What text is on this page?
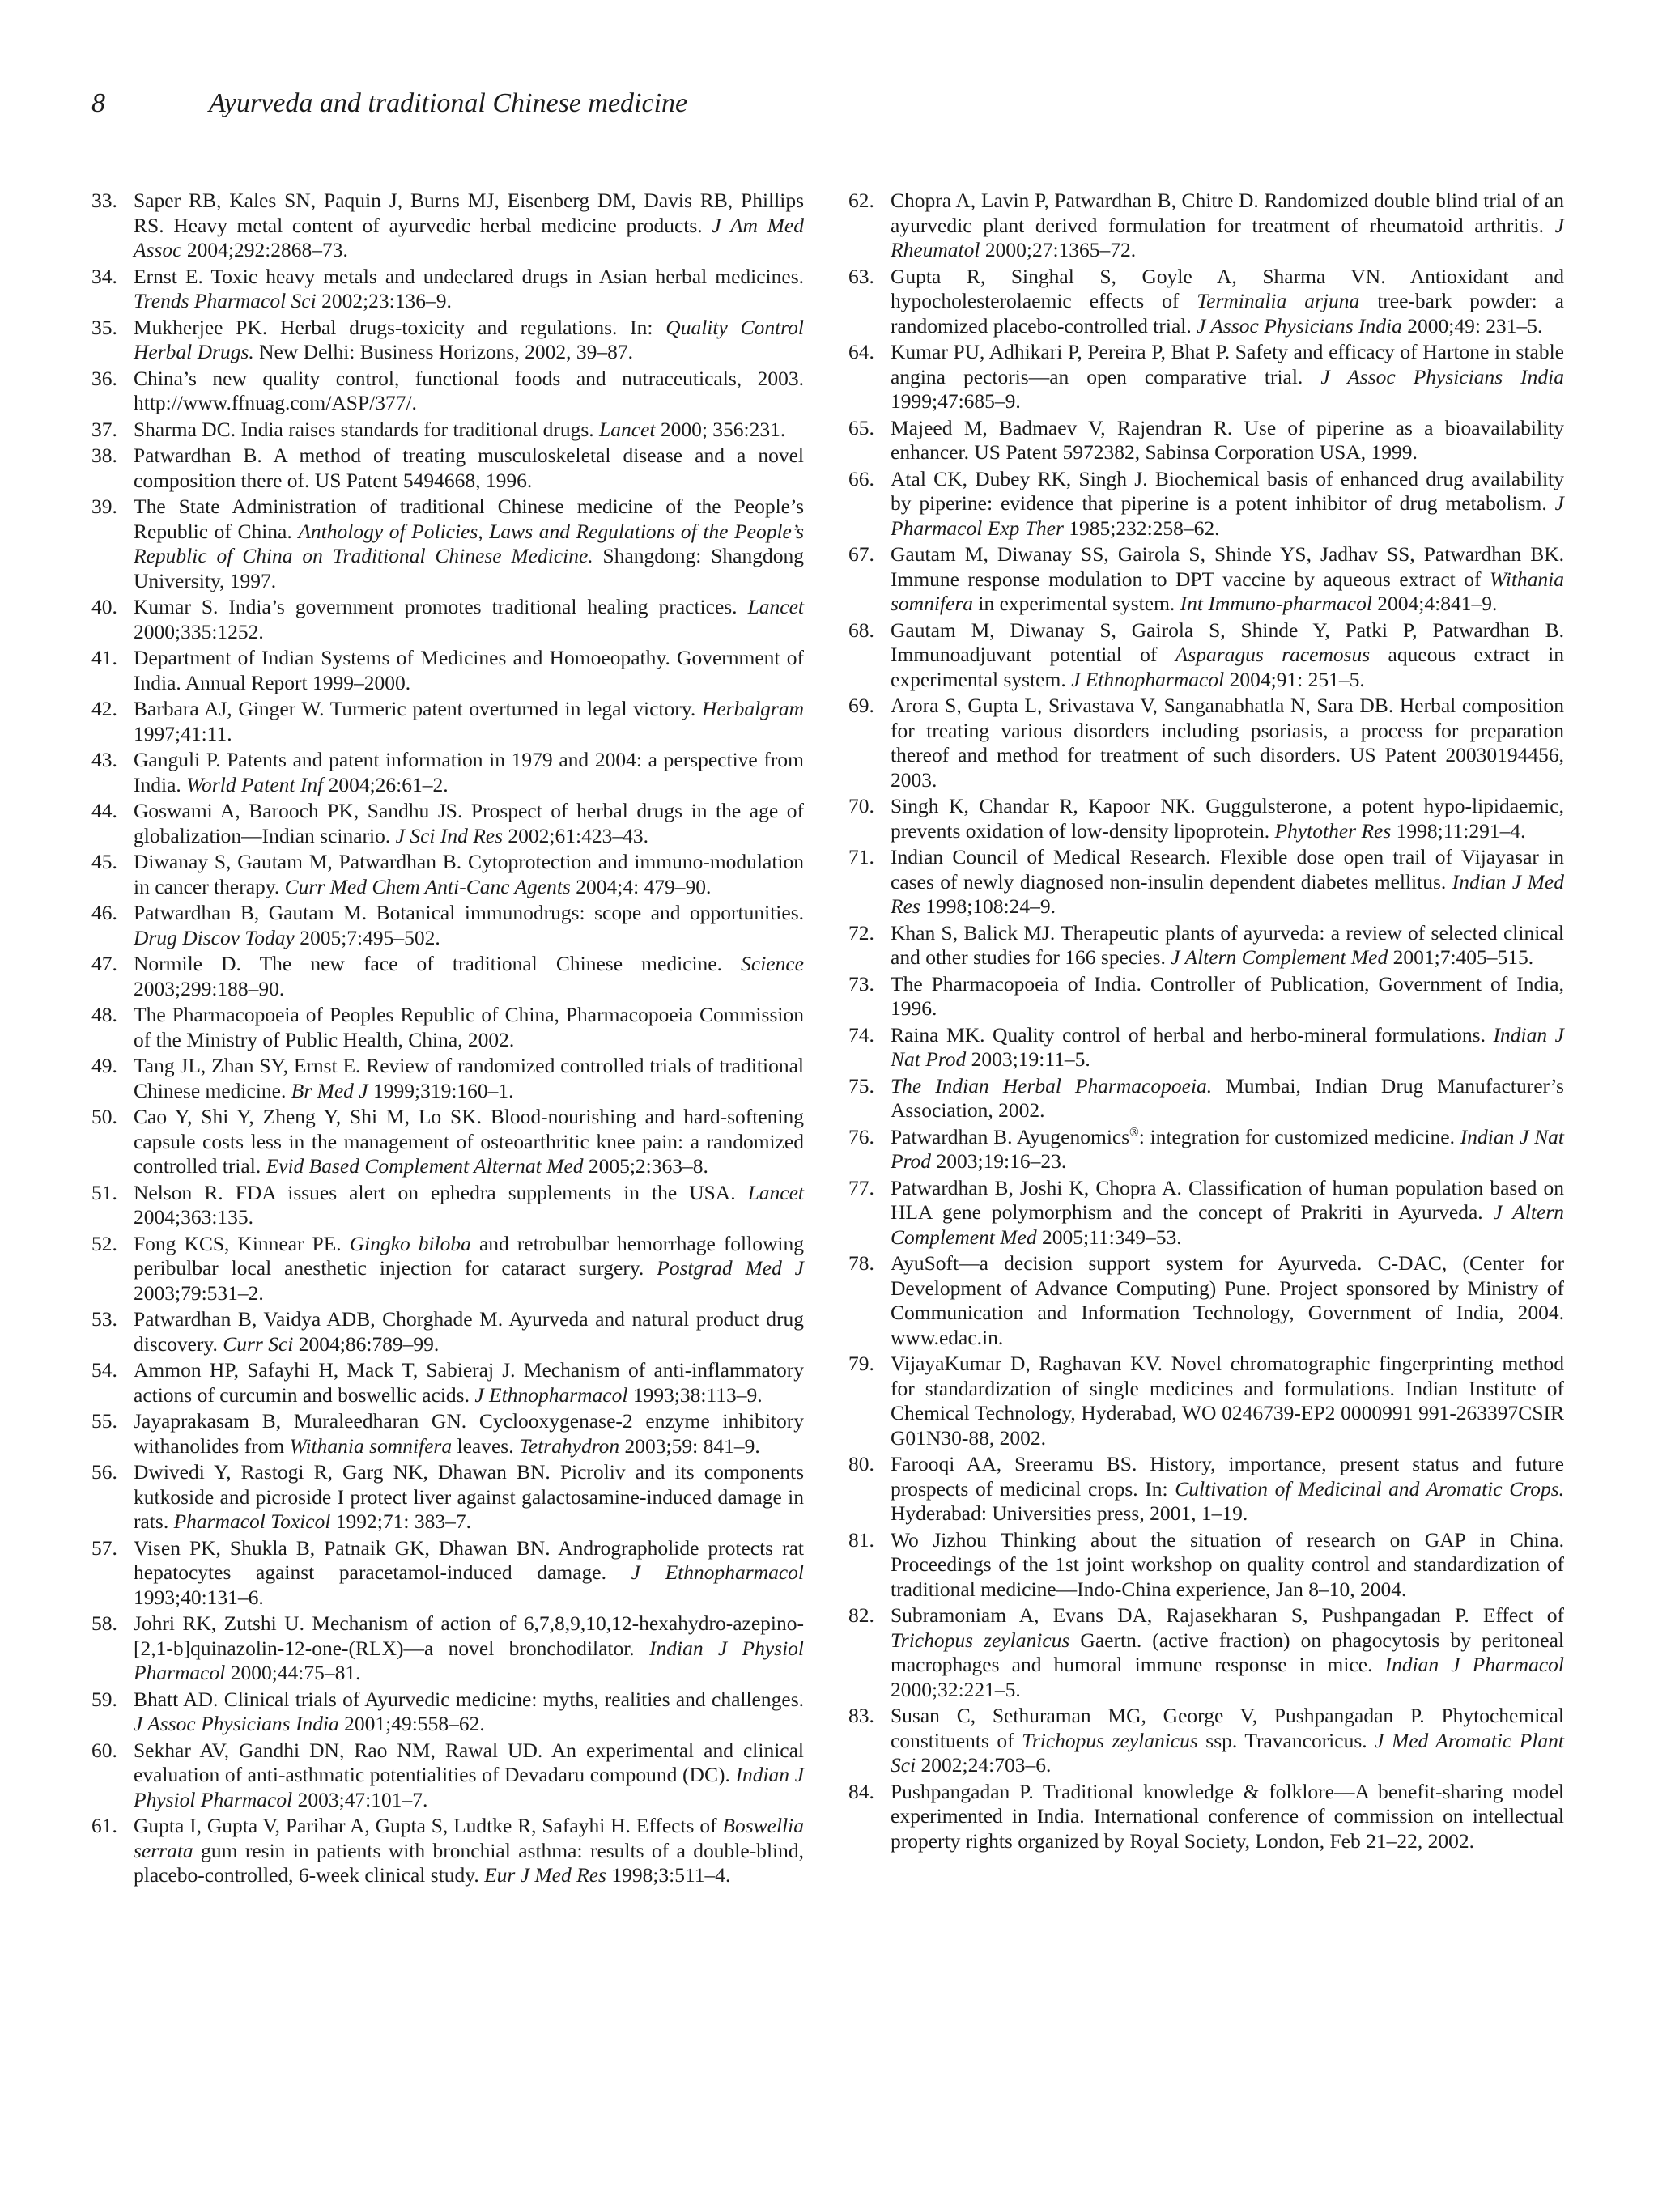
8	Ayurveda and traditional Chinese medicine
33. Saper RB, Kales SN, Paquin J, Burns MJ, Eisenberg DM, Davis RB, Phillips RS. Heavy metal content of ayurvedic herbal medicine products. J Am Med Assoc 2004;292:2868–73.
34. Ernst E. Toxic heavy metals and undeclared drugs in Asian herbal medicines. Trends Pharmacol Sci 2002;23:136–9.
35. Mukherjee PK. Herbal drugs-toxicity and regulations. In: Quality Control Herbal Drugs. New Delhi: Business Horizons, 2002, 39–87.
36. China’s new quality control, functional foods and nutraceuticals, 2003. http://www.ffnuag.com/ASP/377/.
37. Sharma DC. India raises standards for traditional drugs. Lancet 2000; 356:231.
38. Patwardhan B. A method of treating musculoskeletal disease and a novel composition there of. US Patent 5494668, 1996.
39. The State Administration of traditional Chinese medicine of the People’s Republic of China. Anthology of Policies, Laws and Regulations of the People’s Republic of China on Traditional Chinese Medicine. Shangdong: Shangdong University, 1997.
40. Kumar S. India’s government promotes traditional healing practices. Lancet 2000;335:1252.
41. Department of Indian Systems of Medicines and Homoeopathy. Government of India. Annual Report 1999–2000.
42. Barbara AJ, Ginger W. Turmeric patent overturned in legal victory. Herbalgram 1997;41:11.
43. Ganguli P. Patents and patent information in 1979 and 2004: a perspective from India. World Patent Inf 2004;26:61–2.
44. Goswami A, Barooch PK, Sandhu JS. Prospect of herbal drugs in the age of globalization—Indian scinario. J Sci Ind Res 2002;61:423–43.
45. Diwanay S, Gautam M, Patwardhan B. Cytoprotection and immuno-modulation in cancer therapy. Curr Med Chem Anti-Canc Agents 2004;4: 479–90.
46. Patwardhan B, Gautam M. Botanical immunodrugs: scope and opportunities. Drug Discov Today 2005;7:495–502.
47. Normile D. The new face of traditional Chinese medicine. Science 2003;299:188–90.
48. The Pharmacopoeia of Peoples Republic of China, Pharmacopoeia Commission of the Ministry of Public Health, China, 2002.
49. Tang JL, Zhan SY, Ernst E. Review of randomized controlled trials of traditional Chinese medicine. Br Med J 1999;319:160–1.
50. Cao Y, Shi Y, Zheng Y, Shi M, Lo SK. Blood-nourishing and hard-softening capsule costs less in the management of osteoarthritic knee pain: a randomized controlled trial. Evid Based Complement Alternat Med 2005;2:363–8.
51. Nelson R. FDA issues alert on ephedra supplements in the USA. Lancet 2004;363:135.
52. Fong KCS, Kinnear PE. Gingko biloba and retrobulbar hemorrhage following peribulbar local anesthetic injection for cataract surgery. Postgrad Med J 2003;79:531–2.
53. Patwardhan B, Vaidya ADB, Chorghade M. Ayurveda and natural product drug discovery. Curr Sci 2004;86:789–99.
54. Ammon HP, Safayhi H, Mack T, Sabieraj J. Mechanism of anti-inflammatory actions of curcumin and boswellic acids. J Ethnopharmacol 1993;38:113–9.
55. Jayaprakasam B, Muraleedharan GN. Cyclooxygenase-2 enzyme inhibitory withanolides from Withania somnifera leaves. Tetrahydron 2003;59: 841–9.
56. Dwivedi Y, Rastogi R, Garg NK, Dhawan BN. Picroliv and its components kutkoside and picroside I protect liver against galactosamine-induced damage in rats. Pharmacol Toxicol 1992;71: 383–7.
57. Visen PK, Shukla B, Patnaik GK, Dhawan BN. Andrographolide protects rat hepatocytes against paracetamol-induced damage. J Ethnopharmacol 1993;40:131–6.
58. Johri RK, Zutshi U. Mechanism of action of 6,7,8,9,10,12-hexahydro-azepino-[2,1-b]quinazolin-12-one-(RLX)—a novel bronchodilator. Indian J Physiol Pharmacol 2000;44:75–81.
59. Bhatt AD. Clinical trials of Ayurvedic medicine: myths, realities and challenges. J Assoc Physicians India 2001;49:558–62.
60. Sekhar AV, Gandhi DN, Rao NM, Rawal UD. An experimental and clinical evaluation of anti-asthmatic potentialities of Devadaru compound (DC). Indian J Physiol Pharmacol 2003;47:101–7.
61. Gupta I, Gupta V, Parihar A, Gupta S, Ludtke R, Safayhi H. Effects of Boswellia serrata gum resin in patients with bronchial asthma: results of a double-blind, placebo-controlled, 6-week clinical study. Eur J Med Res 1998;3:511–4.
62. Chopra A, Lavin P, Patwardhan B, Chitre D. Randomized double blind trial of an ayurvedic plant derived formulation for treatment of rheumatoid arthritis. J Rheumatol 2000;27:1365–72.
63. Gupta R, Singhal S, Goyle A, Sharma VN. Antioxidant and hypocholesterolaemic effects of Terminalia arjuna tree-bark powder: a randomized placebo-controlled trial. J Assoc Physicians India 2000;49: 231–5.
64. Kumar PU, Adhikari P, Pereira P, Bhat P. Safety and efficacy of Hartone in stable angina pectoris—an open comparative trial. J Assoc Physicians India 1999;47:685–9.
65. Majeed M, Badmaev V, Rajendran R. Use of piperine as a bioavailability enhancer. US Patent 5972382, Sabinsa Corporation USA, 1999.
66. Atal CK, Dubey RK, Singh J. Biochemical basis of enhanced drug availability by piperine: evidence that piperine is a potent inhibitor of drug metabolism. J Pharmacol Exp Ther 1985;232:258–62.
67. Gautam M, Diwanay SS, Gairola S, Shinde YS, Jadhav SS, Patwardhan BK. Immune response modulation to DPT vaccine by aqueous extract of Withania somnifera in experimental system. Int Immuno-pharmacol 2004;4:841–9.
68. Gautam M, Diwanay S, Gairola S, Shinde Y, Patki P, Patwardhan B. Immunoadjuvant potential of Asparagus racemosus aqueous extract in experimental system. J Ethnopharmacol 2004;91: 251–5.
69. Arora S, Gupta L, Srivastava V, Sanganabhatla N, Sara DB. Herbal composition for treating various disorders including psoriasis, a process for preparation thereof and method for treatment of such disorders. US Patent 20030194456, 2003.
70. Singh K, Chandar R, Kapoor NK. Guggulsterone, a potent hypo-lipidaemic, prevents oxidation of low-density lipoprotein. Phytother Res 1998;11:291–4.
71. Indian Council of Medical Research. Flexible dose open trail of Vijayasar in cases of newly diagnosed non-insulin dependent diabetes mellitus. Indian J Med Res 1998;108:24–9.
72. Khan S, Balick MJ. Therapeutic plants of ayurveda: a review of selected clinical and other studies for 166 species. J Altern Complement Med 2001;7:405–515.
73. The Pharmacopoeia of India. Controller of Publication, Government of India, 1996.
74. Raina MK. Quality control of herbal and herbo-mineral formulations. Indian J Nat Prod 2003;19:11–5.
75. The Indian Herbal Pharmacopoeia. Mumbai, Indian Drug Manufacturer’s Association, 2002.
76. Patwardhan B. Ayugenomics®: integration for customized medicine. Indian J Nat Prod 2003;19:16–23.
77. Patwardhan B, Joshi K, Chopra A. Classification of human population based on HLA gene polymorphism and the concept of Prakriti in Ayurveda. J Altern Complement Med 2005;11:349–53.
78. AyuSoft—a decision support system for Ayurveda. C-DAC, (Center for Development of Advance Computing) Pune. Project sponsored by Ministry of Communication and Information Technology, Government of India, 2004. www.edac.in.
79. VijayaKumar D, Raghavan KV. Novel chromatographic fingerprinting method for standardization of single medicines and formulations. Indian Institute of Chemical Technology, Hyderabad, WO 0246739-EP2 0000991 991-263397CSIR G01N30-88, 2002.
80. Farooqi AA, Sreeramu BS. History, importance, present status and future prospects of medicinal crops. In: Cultivation of Medicinal and Aromatic Crops. Hyderabad: Universities press, 2001, 1–19.
81. Wo Jizhou Thinking about the situation of research on GAP in China. Proceedings of the 1st joint workshop on quality control and standardization of traditional medicine—Indo-China experience, Jan 8–10, 2004.
82. Subramoniam A, Evans DA, Rajasekharan S, Pushpangadan P. Effect of Trichopus zeylanicus Gaertn. (active fraction) on phagocytosis by peritoneal macrophages and humoral immune response in mice. Indian J Pharmacol 2000;32:221–5.
83. Susan C, Sethuraman MG, George V, Pushpangadan P. Phytochemical constituents of Trichopus zeylanicus ssp. Travancoricus. J Med Aromatic Plant Sci 2002;24:703–6.
84. Pushpangadan P. Traditional knowledge & folklore—A benefit-sharing model experimented in India. International conference of commission on intellectual property rights organized by Royal Society, London, Feb 21–22, 2002.
